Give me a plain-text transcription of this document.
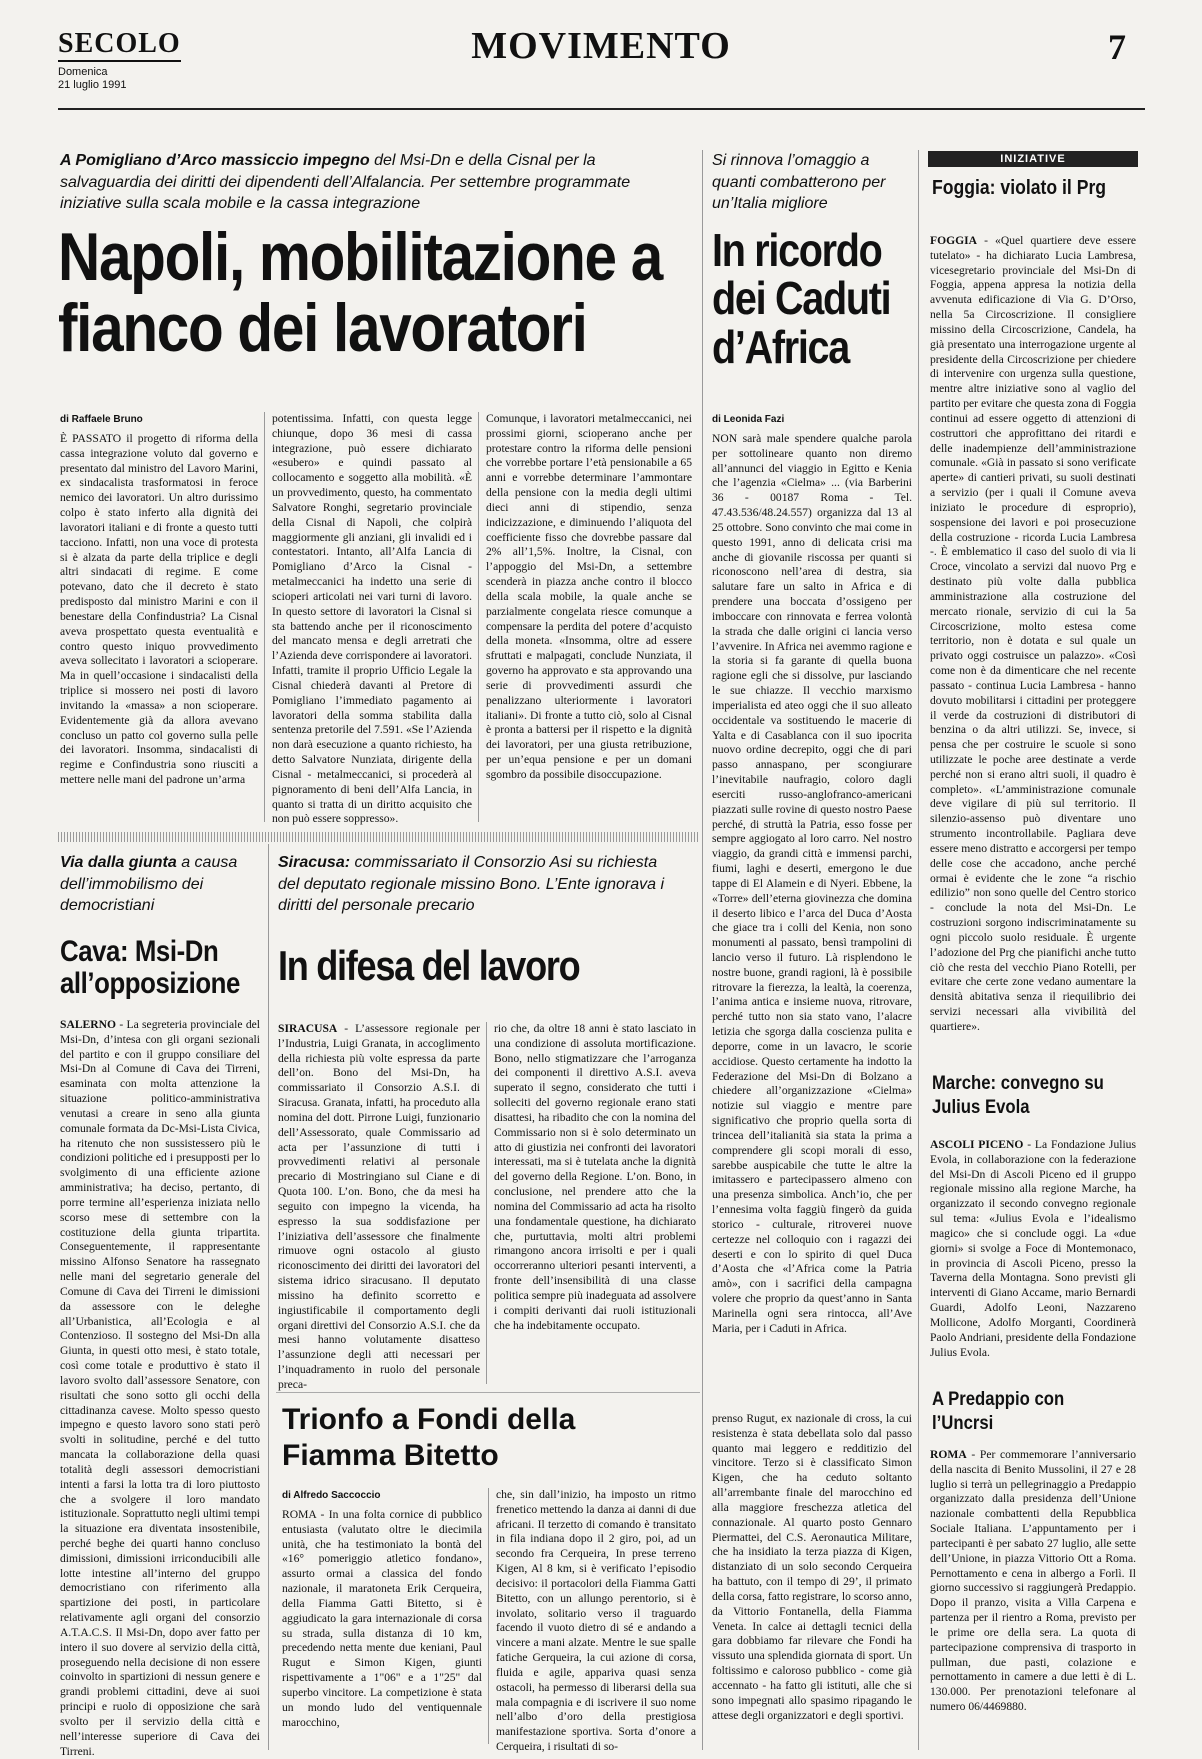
SECOLO
Domenica
21 luglio 1991
MOVIMENTO	7
A Pomigliano d’Arco massiccio impegno del Msi-Dn e della Cisnal per la salvaguardia dei diritti dei dipendenti dell’Alfalancia. Per settembre programmate iniziative sulla scala mobile e la cassa integrazione
Napoli, mobilitazione a fianco dei lavoratori
di Raffaele Bruno

È PASSATO il progetto di riforma della cassa integrazione voluto dal governo e presentato dal ministro del Lavoro Marini, ex sindacalista trasformatosi in feroce nemico dei lavoratori. Un altro durissimo colpo è stato inferto alla dignità dei lavoratori italiani e di fronte a questo tutti tacciono. Infatti, non una voce di protesta si è alzata da parte della triplice e degli altri sindacati di regime. E come potevano, dato che il decreto è stato predisposto dal ministro Marini e con il benestare della Confindustria? La Cisnal aveva prospettato questa eventualità e contro questo iniquo provvedimento aveva sollecitato i lavoratori a scioperare. Ma in quell’occasione i sindacalisti della triplice si mossero nei posti di lavoro invitando la «massa» a non scioperare. Evidentemente già da allora avevano concluso un patto col governo sulla pelle dei lavoratori. Insomma, sindacalisti di regime e Confindustria sono riusciti a mettere nelle mani del padrone un’arma

potentissima. Infatti, con questa legge chiunque, dopo 36 mesi di cassa integrazione, può essere dichiarato «esubero» e quindi passato al collocamento e soggetto alla mobilità. «È un provvedimento, questo, ha commentato Salvatore Ronghi, segretario provinciale della Cisnal di Napoli, che colpirà maggiormente gli anziani, gli invalidi ed i contestatori. Intanto, all’Alfa Lancia di Pomigliano d’Arco la Cisnal - metalmeccanici ha indetto una serie di scioperi articolati nei vari turni di lavoro. In questo settore di lavoratori la Cisnal si sta battendo anche per il riconoscimento del mancato mensa e degli arretrati che l’Azienda deve corrispondere ai lavoratori. Infatti, tramite il proprio Ufficio Legale la Cisnal chiederà davanti al Pretore di Pomigliano l’immediato pagamento ai lavoratori della somma stabilita dalla sentenza pretorile del 7.591. «Se l’Azienda non darà esecuzione a quanto richiesto, ha detto Salvatore Nunziata, dirigente della Cisnal - metalmeccanici, si procederà al pignoramento di beni dell’Alfa Lancia, in quanto si tratta di un diritto acquisito che non può essere soppresso».

Comunque, i lavoratori metalmeccanici, nei prossimi giorni, scioperano anche per protestare contro la riforma delle pensioni che vorrebbe portare l’età pensionabile a 65 anni e vorrebbe determinare l’ammontare della pensione con la media degli ultimi dieci anni di stipendio, senza indicizzazione, e diminuendo l’aliquota del coefficiente fisso che dovrebbe passare dal 2% all’1,5%. Inoltre, la Cisnal, con l’appoggio del Msi-Dn, a settembre scenderà in piazza anche contro il blocco della scala mobile, la quale anche se parzialmente congelata riesce comunque a compensare la perdita del potere d’acquisto della moneta. «Insomma, oltre ad essere sfruttati e malpagati, conclude Nunziata, il governo ha approvato e sta approvando una serie di provvedimenti assurdi che penalizzano ulteriormente i lavoratori italiani». Di fronte a tutto ciò, solo al Cisnal è pronta a battersi per il rispetto e la dignità dei lavoratori, per una giusta retribuzione, per un’equa pensione e per un domani sgombro da possibile disoccupazione.

Si rinnova l’omaggio a quanti combatterono per un’Italia migliore
In ricordo dei Caduti d’Africa
di Leonida Fazi

NON sarà male spendere qualche parola per sottolineare quanto non diremo all’annunci del viaggio in Egitto e Kenia che l’agenzia «Cielma» ... (via Barberini 36 - 00187 Roma - Tel. 47.43.536/48.24.557) organizza dal 13 al 25 ottobre. Sono convinto che mai come in questo 1991, anno di delicata crisi ma anche di giovanile riscossa per quanti si riconoscono nell’area di destra, sia salutare fare un salto in Africa e di prendere una boccata d’ossigeno per imboccare con rinnovata e ferrea volontà la strada che dalle origini ci lancia verso l’avvenire. In Africa nei avemmo ragione e la storia si fa garante di quella buona ragione egli che si dissolve, pur lasciando le sue chiazze. Il vecchio marxismo imperialista ed ateo oggi che il suo alleato occidentale va sostituendo le macerie di Yalta e di Casablanca con il suo ipocrita nuovo ordine decrepito, oggi che di pari passo annaspano, per scongiurare l’inevitabile naufragio, coloro dagli eserciti russo-anglofranco-americani piazzati sulle rovine di questo nostro Paese perché, di struttà la Patria, esso fosse per sempre aggiogato al loro carro. Nel nostro viaggio, da grandi città e immensi parchi, fiumi, laghi e deserti, emergono le due tappe di El Alamein e di Nyeri. Ebbene, la «Torre» dell’eterna giovinezza che domina il deserto libico e l’arca del Duca d’Aosta che giace tra i colli del Kenia, non sono monumenti al passato, bensì trampolini di lancio verso il futuro. Là risplendono le nostre buone, grandi ragioni, là è possibile ritrovare la fierezza, la lealtà, la coerenza, l’anima antica e insieme nuova, ritrovare, perché tutto non sia stato vano, l’alacre letizia che sgorga dalla coscienza pulita e deporre, come in un lavacro, le scorie accidiose. Questo certamente ha indotto la Federazione del Msi-Dn di Bolzano a chiedere all’organizzazione «Cielma» notizie sul viaggio e mentre pare significativo che proprio quella sorta di trincea dell’italianità sia stata la prima a comprendere gli scopi morali di esso, sarebbe auspicabile che tutte le altre la imitassero e partecipassero almeno con una presenza simbolica. Anch’io, che per l’ennesima volta faggiù fingerò da guida storico - culturale, ritroverei nuove certezze nel colloquio con i ragazzi dei deserti e con lo spirito di quel Duca d’Aosta che «l’Africa come la Patria amò», con i sacrifici della campagna volere che proprio da quest’anno in Santa Marinella ogni sera rintocca, all’Ave Maria, per i Caduti in Africa.

INIZIATIVE
Foggia: violato il Prg

FOGGIA - «Quel quartiere deve essere tutelato» - ha dichiarato Lucia Lambresa, vicesegretario provinciale del Msi-Dn di Foggia, appena appresa la notizia della avvenuta edificazione di Via G. D’Orso, nella 5a Circoscrizione. Il consigliere missino della Circoscrizione, Candela, ha già presentato una interrogazione urgente al presidente della Circoscrizione per chiedere di intervenire con urgenza sulla questione, mentre altre iniziative sono al vaglio del partito per evitare che questa zona di Foggia continui ad essere oggetto di attenzioni di costruttori che approfittano dei ritardi e delle inadempienze dell’amministrazione comunale. «Già in passato si sono verificate aperte» di cantieri privati, su suoli destinati a servizio (per i quali il Comune aveva iniziato le procedure di esproprio), sospensione dei lavori e poi prosecuzione della costruzione - ricorda Lucia Lambresa -. È emblematico il caso del suolo di via li Croce, vincolato a servizi dal nuovo Prg e destinato più volte dalla pubblica amministrazione alla costruzione del mercato rionale, servizio di cui la 5a Circoscrizione, molto estesa come territorio, non è dotata e sul quale un privato oggi costruisce un palazzo». «Così come non è da dimenticare che nel recente passato - continua Lucia Lambresa - hanno dovuto mobilitarsi i cittadini per proteggere il verde da costruzioni di distributori di benzina o da altri utilizzi. Se, invece, si pensa che per costruire le scuole si sono utilizzate le poche aree destinate a verde perché non si erano altri suoli, il quadro è completo». «L’amministrazione comunale deve vigilare di più sul territorio. Il silenzio-assenso può diventare uno strumento incontrollabile. Pagliara deve essere meno distratto e accorgersi per tempo delle cose che accadono, anche perché ormai è evidente che le zone “a rischio edilizio” non sono quelle del Centro storico - conclude la nota del Msi-Dn. Le costruzioni sorgono indiscriminatamente su ogni piccolo suolo residuale. È urgente l’adozione del Prg che pianifichi anche tutto ciò che resta del vecchio Piano Rotelli, per evitare che certe zone vedano aumentare la densità abitativa senza il riequilibrio dei servizi necessari alla vivibilità del quartiere».

Marche: convegno su Julius Evola

ASCOLI PICENO - La Fondazione Julius Evola, in collaborazione con la federazione del Msi-Dn di Ascoli Piceno ed il gruppo regionale missino alla regione Marche, ha organizzato il secondo convegno regionale sul tema: «Julius Evola e l’idealismo magico» che si conclude oggi. La «due giorni» si svolge a Foce di Montemonaco, in provincia di Ascoli Piceno, presso la Taverna della Montagna. Sono previsti gli interventi di Giano Accame, mario Bernardi Guardi, Adolfo Leoni, Nazzareno Mollicone, Adolfo Morganti, Coordinerà Paolo Andriani, presidente della Fondazione Julius Evola.

A Predappio con l’Uncrsi

ROMA - Per commemorare l’anniversario della nascita di Benito Mussolini, il 27 e 28 luglio si terrà un pellegrinaggio a Predappio organizzato dalla presidenza dell’Unione nazionale combattenti della Repubblica Sociale Italiana. L’appuntamento per i partecipanti è per sabato 27 luglio, alle sette dell’Unione, in piazza Vittorio Ott a Roma. Pernottamento e cena in albergo a Forlì. Il giorno successivo si raggiungerà Predappio. Dopo il pranzo, visita a Villa Carpena e partenza per il rientro a Roma, previsto per le prime ore della sera. La quota di partecipazione comprensiva di trasporto in pullman, due pasti, colazione e pernottamento in camere a due letti è di L. 130.000. Per prenotazioni telefonare al numero 06/4469880.

Via dalla giunta a causa dell’immobilismo dei democristiani
Cava: Msi-Dn all’opposizione

SALERNO - La segreteria provinciale del Msi-Dn, d’intesa con gli organi sezionali del partito e con il gruppo consiliare del Msi-Dn al Comune di Cava dei Tirreni, esaminata con molta attenzione la situazione politico-amministrativa venutasi a creare in seno alla giunta comunale formata da Dc-Msi-Lista Civica, ha ritenuto che non sussistessero più le condizioni politiche ed i presupposti per lo svolgimento di una efficiente azione amministrativa; ha deciso, pertanto, di porre termine all’esperienza iniziata nello scorso mese di settembre con la costituzione della giunta tripartita. Conseguentemente, il rappresentante missino Alfonso Senatore ha rassegnato nelle mani del segretario generale del Comune di Cava dei Tirreni le dimissioni da assessore con le deleghe all’Urbanistica, all’Ecologia e al Contenzioso. Il sostegno del Msi-Dn alla Giunta, in questi otto mesi, è stato totale, così come totale e produttivo è stato il lavoro svolto dall’assessore Senatore, con risultati che sono sotto gli occhi della cittadinanza cavese. Molto spesso questo impegno e questo lavoro sono stati però svolti in solitudine, perché e del tutto mancata la collaborazione della quasi totalità degli assessori democristiani intenti a farsi la lotta tra di loro piuttosto che a svolgere il loro mandato istituzionale. Soprattutto negli ultimi tempi la situazione era diventata insostenibile, perché beghe dei quarti hanno concluso dimissioni, dimissioni irriconducibili alle lotte intestine all’interno del gruppo democristiano con riferimento alla spartizione dei posti, in particolare relativamente agli organi del consorzio A.T.A.C.S. Il Msi-Dn, dopo aver fatto per intero il suo dovere al servizio della città, proseguendo nella decisione di non essere coinvolto in spartizioni di nessun genere e grandi problemi cittadini, deve ai suoi principi e ruolo di opposizione che sarà svolto per il servizio della città e nell’interesse superiore di Cava dei Tirreni.

Siracusa: commissariato il Consorzio Asi su richiesta del deputato regionale missino Bono. L’Ente ignorava i diritti del personale precario
In difesa del lavoro

SIRACUSA - L’assessore regionale per l’Industria, Luigi Granata, in accoglimento della richiesta più volte espressa da parte dell’on. Bono del Msi-Dn, ha commissariato il Consorzio A.S.I. di Siracusa. Granata, infatti, ha proceduto alla nomina del dott. Pirrone Luigi, funzionario dell’Assessorato, quale Commissario ad acta per l’assunzione di tutti i provvedimenti relativi al personale precario di Mostringiano sul Ciane e di Quota 100. L’on. Bono, che da mesi ha seguito con impegno la vicenda, ha espresso la sua soddisfazione per l’iniziativa dell’assessore che finalmente rimuove ogni ostacolo al giusto riconoscimento dei diritti dei lavoratori del sistema idrico siracusano. Il deputato missino ha definito scorretto e ingiustificabile il comportamento degli organi direttivi del Consorzio A.S.I. che da mesi hanno volutamente disatteso l’assunzione degli atti necessari per l’inquadramento in ruolo del personale preca-

rio che, da oltre 18 anni è stato lasciato in una condizione di assoluta mortificazione. Bono, nello stigmatizzare che l’arroganza dei componenti il direttivo A.S.I. aveva superato il segno, considerato che tutti i solleciti del governo regionale erano stati disattesi, ha ribadito che con la nomina del Commissario non si è solo determinato un atto di giustizia nei confronti dei lavoratori interessati, ma si è tutelata anche la dignità del governo della Regione. L’on. Bono, in conclusione, nel prendere atto che la nomina del Commissario ad acta ha risolto una fondamentale questione, ha dichiarato che, purtuttavia, molti altri problemi rimangono ancora irrisolti e per i quali occorreranno ulteriori pesanti interventi, a fronte dell’insensibilità di una classe politica sempre più inadeguata ad assolvere i compiti derivanti dai ruoli istituzionali che ha indebitamente occupato.

Trionfo a Fondi della Fiamma Bitetto
di Alfredo Saccoccio

ROMA - In una folta cornice di pubblico entusiasta (valutato oltre le diecimila unità, che ha testimoniato la bontà del «16° pomeriggio atletico fondano», assurto ormai a classica del fondo nazionale, il maratoneta Erik Cerqueira, della Fiamma Gatti Bitetto, si è aggiudicato la gara internazionale di corsa su strada, sulla distanza di 10 km, precedendo netta mente due keniani, Paul Rugut e Simon Kigen, giunti rispettivamente a 1"06" e a 1"25" dal superbo vincitore. La competizione è stata un mondo ludo del ventiquennale marocchino,

che, sin dall’inizio, ha imposto un ritmo frenetico mettendo la danza ai danni di due africani. Il terzetto di comando è transitato in fila indiana dopo il 2 giro, poi, ad un secondo fra Cerqueira, In prese terreno Kigen, Al 8 km, si è verificato l’episodio decisivo: il portacolori della Fiamma Gatti Bitetto, con un allungo perentorio, si è involato, solitario verso il traguardo facendo il vuoto dietro di sé e andando a vincere a mani alzate. Mentre le sue spalle fatiche Gerqueira, la cui azione di corsa, fluida e agile, appariva quasi senza ostacoli, ha permesso di liberarsi della sua mala compagnia e di iscrivere il suo nome nell’albo d’oro della prestigiosa manifestazione sportiva. Sorta d’onore a Cerqueira, i risultati di so-

prenso Rugut, ex nazionale di cross, la cui resistenza è stata debellata solo dal passo quanto mai leggero e redditizio del vincitore. Terzo si è classificato Simon Kigen, che ha ceduto soltanto all’arrembante finale del marocchino ed alla maggiore freschezza atletica del connazionale. Al quarto posto Gennaro Piermattei, del C.S. Aeronautica Militare, che ha insidiato la terza piazza di Kigen, distanziato di un solo secondo Cerqueira ha battuto, con il tempo di 29’, il primato della corsa, fatto registrare, lo scorso anno, da Vittorio Fontanella, della Fiamma Veneta. In calce ai dettagli tecnici della gara dobbiamo far rilevare che Fondi ha vissuto una splendida giornata di sport. Un foltissimo e caloroso pubblico - come già accennato - ha fatto gli istituti, alle che si sono impegnati allo spasimo ripagando le attese degli organizzatori e degli sportivi.
